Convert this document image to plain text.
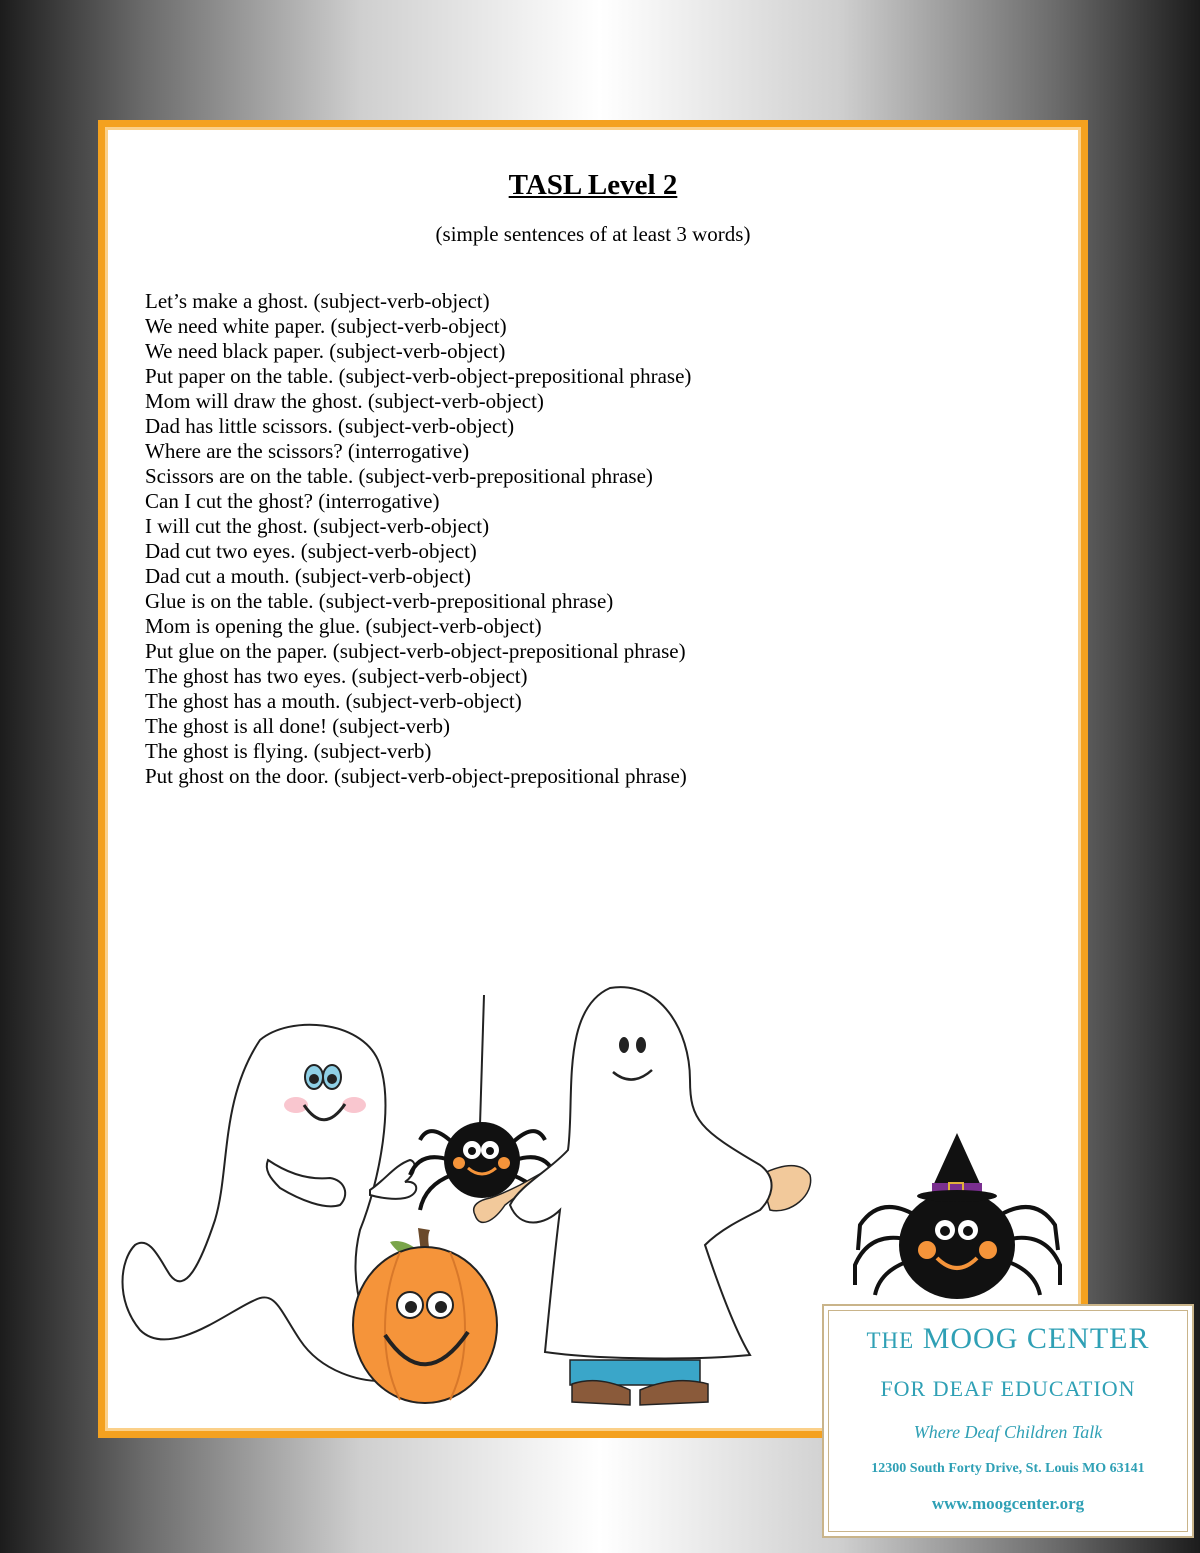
TASL Level 2
(simple sentences of at least 3 words)
Let’s make a ghost. (subject-verb-object)
We need white paper. (subject-verb-object)
We need black paper. (subject-verb-object)
Put paper on the table. (subject-verb-object-prepositional phrase)
Mom will draw the ghost. (subject-verb-object)
Dad has little scissors. (subject-verb-object)
Where are the scissors? (interrogative)
Scissors are on the table. (subject-verb-prepositional phrase)
Can I cut the ghost? (interrogative)
I will cut the ghost. (subject-verb-object)
Dad cut two eyes. (subject-verb-object)
Dad cut a mouth. (subject-verb-object)
Glue is on the table. (subject-verb-prepositional phrase)
Mom is opening the glue. (subject-verb-object)
Put glue on the paper. (subject-verb-object-prepositional phrase)
The ghost has two eyes. (subject-verb-object)
The ghost has a mouth. (subject-verb-object)
The ghost is all done! (subject-verb)
The ghost is flying. (subject-verb)
Put ghost on the door. (subject-verb-object-prepositional phrase)
THE MOOG CENTER
FOR DEAF EDUCATION
Where Deaf Children Talk
12300 South Forty Drive, St. Louis MO 63141
www.moogcenter.org
